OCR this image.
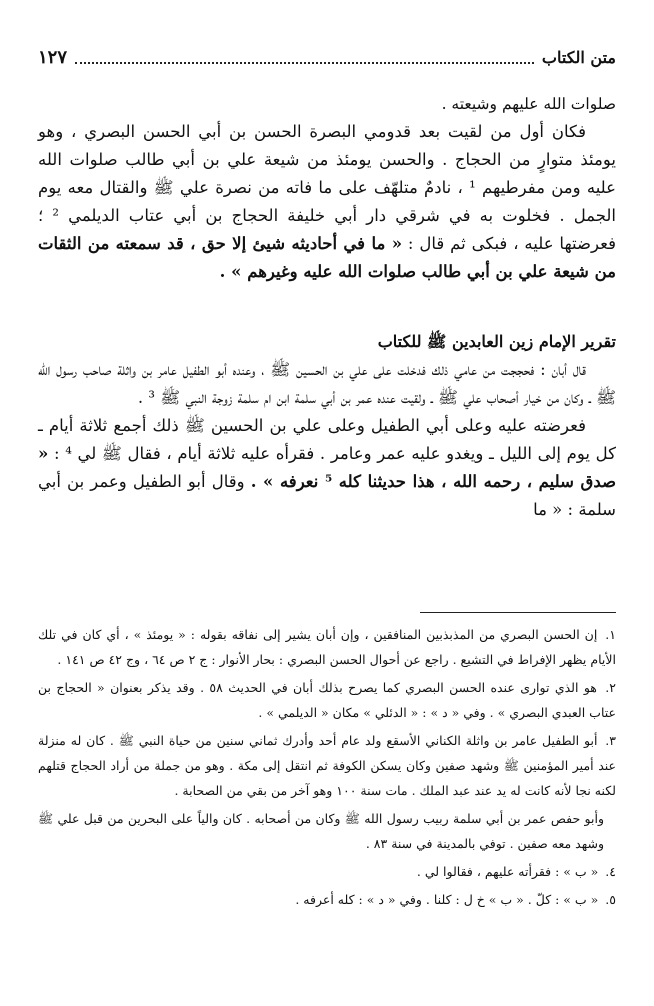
متن الكتاب
١٢٧

صلوات الله عليهم وشيعته .

فكان أول من لقيت بعد قدومي البصرة الحسن بن أبي الحسن البصري ، وهو يومئذ متوارٍ من الحجاج . والحسن يومئذ من شيعة علي بن أبي طالب صلوات الله عليه ومن مفرطيهم ¹ ، نادمٌ متلهّف على ما فاته من نصرة علي ﷺ والقتال معه يوم الجمل . فخلوت به في شرقي دار أبي خليفة الحجاج بن أبي عتاب الديلمي ² ؛ فعرضتها عليه ، فبكى ثم قال : « ما في أحاديثه شيئ إلا حق ، قد سمعته من الثقات من شيعة علي بن أبي طالب صلوات الله عليه وغيرهم » .

تقرير الإمام زين العابدين ﷺ للكتاب

قال أبان : فحججت من عامي ذلك فدخلت على علي بن الحسين ﷺ ، وعنده أبو الطفيل عامر بن واثلة صاحب رسول الله ﷺ ـ وكان من خيار أصحاب علي ﷺ ـ ولقيت عنده عمر بن أبي سلمة ابن ام سلمة زوجة النبي ﷺ ³ .

فعرضته عليه وعلى أبي الطفيل وعلى علي بن الحسين ﷺ ذلك أجمع ثلاثة أيام ـ كل يوم إلى الليل ـ ويغدو عليه عمر وعامر . فقرأه عليه ثلاثة أيام ، فقال ﷺ لي ⁴ : « صدق سليم ، رحمه الله ، هذا حديثنا كله ⁵ نعرفه » . وقال أبو الطفيل وعمر بن أبي سلمة : « ما

١. إن الحسن البصري من المذبذبين المنافقين ، وإن أبان يشير إلى نفاقه بقوله : « يومئذ » ، أي كان في تلك الأيام يظهر الإفراط في التشيع . راجع عن أحوال الحسن البصري : بحار الأنوار : ج ٢ ص ٦٤ ، وج ٤٢ ص ١٤١ .
٢. هو الذي توارى عنده الحسن البصري كما يصرح بذلك أبان في الحديث ٥٨ . وقد يذكر بعنوان « الحجاج بن عتاب العبدي البصري » . وفي « د » : « الدئلي » مكان « الديلمي » .
٣. أبو الطفيل عامر بن واثلة الكناني الأسقع ولد عام أحد وأدرك ثماني سنين من حياة النبي ﷺ . كان له منزلة عند أمير المؤمنين ﷺ وشهد صفين وكان يسكن الكوفة ثم انتقل إلى مكة . وهو من جملة من أراد الحجاج قتلهم لكنه نجا لأنه كانت له يد عند عبد الملك . مات سنة ١٠٠ وهو آخر من بقي من الصحابة .
وأبو حفص عمر بن أبي سلمة ربيب رسول الله ﷺ وكان من أصحابه . كان والياً على البحرين من قبل علي ﷺ وشهد معه صفين . توفي بالمدينة في سنة ٨٣ .
٤. « ب » : فقرأته عليهم ، فقالوا لي .
٥. « ب » : كلّ . « ب » خ ل : كلنا . وفي « د » : كله أعرفه .
